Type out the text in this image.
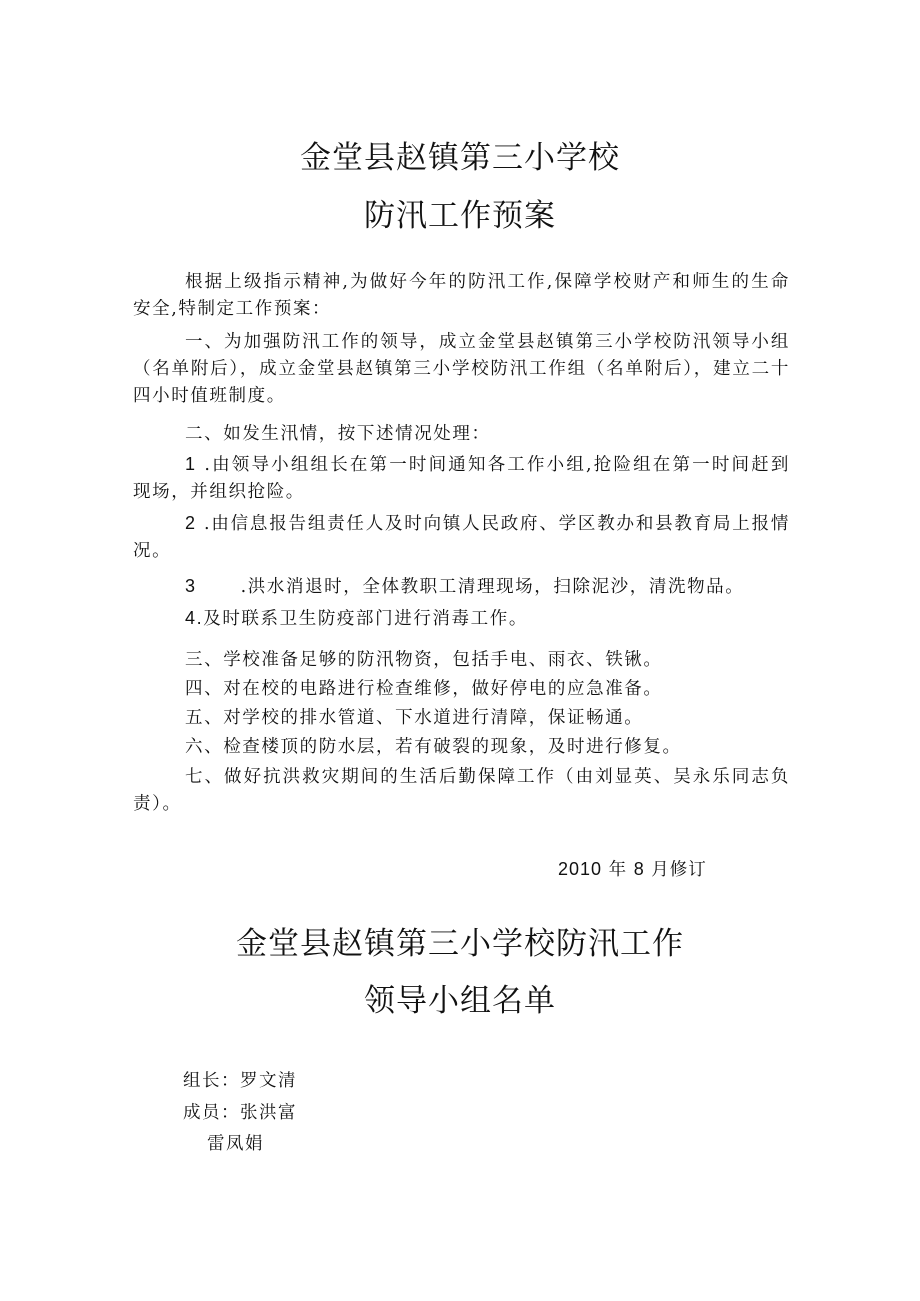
金堂县赵镇第三小学校
防汛工作预案
根据上级指示精神,为做好今年的防汛工作,保障学校财产和师生的生命安全,特制定工作预案：
一、为加强防汛工作的领导，成立金堂县赵镇第三小学校防汛领导小组（名单附后），成立金堂县赵镇第三小学校防汛工作组（名单附后），建立二十四小时值班制度。
二、如发生汛情，按下述情况处理：
1 .由领导小组组长在第一时间通知各工作小组,抢险组在第一时间赶到现场，并组织抢险。
2 .由信息报告组责任人及时向镇人民政府、学区教办和县教育局上报情况。
3	.洪水消退时，全体教职工清理现场，扫除泥沙，清洗物品。
4.及时联系卫生防疫部门进行消毒工作。
三、学校准备足够的防汛物资，包括手电、雨衣、铁锹。
四、对在校的电路进行检查维修，做好停电的应急准备。
五、对学校的排水管道、下水道进行清障，保证畅通。
六、检查楼顶的防水层，若有破裂的现象，及时进行修复。
七、做好抗洪救灾期间的生活后勤保障工作（由刘显英、吴永乐同志负责）。
2010 年 8 月修订
金堂县赵镇第三小学校防汛工作
领导小组名单
组长：罗文清
成员：张洪富
雷凤娟
